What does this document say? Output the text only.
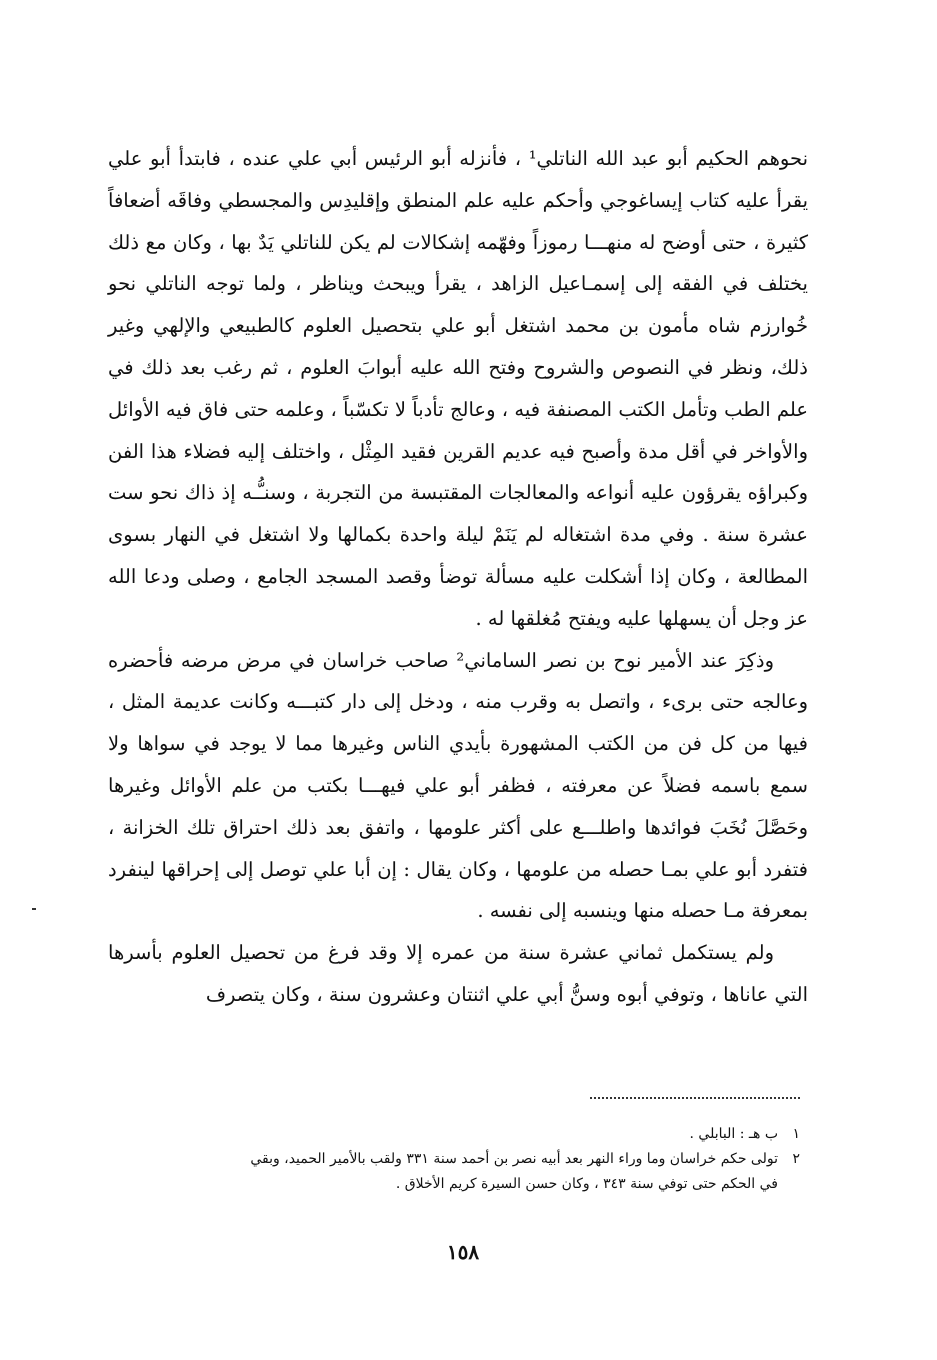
نحوهم الحكيم أبو عبد الله الناتلي¹ ، فأنزله أبو الرئيس أبي علي عنده ، فابتدأ أبو علي يقرأ عليه كتاب إيساغوجي وأحكم عليه علم المنطق وإقليدِس والمجسطي وفاقَه أضعافاً كثيرة ، حتى أوضح له منهـــا رموزاً وفهّمه إشكالات لم يكن للناتلي يَدٌ بها ، وكان مع ذلك يختلف في الفقه إلى إسمـاعيل الزاهد ، يقرأ ويبحث ويناظر ، ولما توجه الناتلي نحو خُوارزم شاه مأمون بن محمد اشتغل أبو علي بتحصيل العلوم كالطبيعي والإلهي وغير ذلك، ونظر في النصوص والشروح وفتح الله عليه أبوابَ العلوم ، ثم رغب بعد ذلك في علم الطب وتأمل الكتب المصنفة فيه ، وعالج تأدباً لا تكسّباً ، وعلمه حتى فاق فيه الأوائل والأواخر في أقل مدة وأصبح فيه عديم القرين فقيد المِثْل ، واختلف إليه فضلاء هذا الفن وكبراؤه يقرؤون عليه أنواعه والمعالجات المقتبسة من التجربة ، وسنـُّـه إذ ذاك نحو ست عشرة سنة . وفي مدة اشتغاله لم يَنَمْ ليلة واحدة بكمالها ولا اشتغل في النهار بسوى المطالعة ، وكان إذا أشكلت عليه مسألة توضأ وقصد المسجد الجامع ، وصلى ودعا الله عز وجل أن يسهلها عليه ويفتح مُغلقها له .

وذكِرَ عند الأمير نوح بن نصر الساماني² صاحب خراسان في مرض مرضه فأحضره وعالجه حتى برىء ، واتصل به وقرب منه ، ودخل إلى دار كتبـــه وكانت عديمة المثل ، فيها من كل فن من الكتب المشهورة بأيدي الناس وغيرها مما لا يوجد في سواها ولا سمع باسمه فضلاً عن معرفته ، فظفر أبو علي فيهـــا بكتب من علم الأوائل وغيرها وحَصَّلَ نُخَبَ فوائدها واطلـــع على أكثر علومها ، واتفق بعد ذلك احتراق تلك الخزانة ، فتفرد أبو علي بمـا حصله من علومها ، وكان يقال : إن أبا علي توصل إلى إحراقها لينفرد بمعرفة مـا حصله منها وينسبه إلى نفسه .

ولم يستكمل ثماني عشرة سنة من عمره إلا وقد فرغ من تحصيل العلوم بأسرها التي عاناها ، وتوفي أبوه وسنُّ أبي علي اثنتان وعشرون سنة ، وكان يتصرف

١ب هـ : البابلي .

٢تولى حكم خراسان وما وراء النهر بعد أبيه نصر بن أحمد سنة ٣٣١ ولقب بالأمير الحميد، وبقي

في الحكم حتى توفي سنة ٣٤٣ ، وكان حسن السيرة كريم الأخلاق .

١٥٨
